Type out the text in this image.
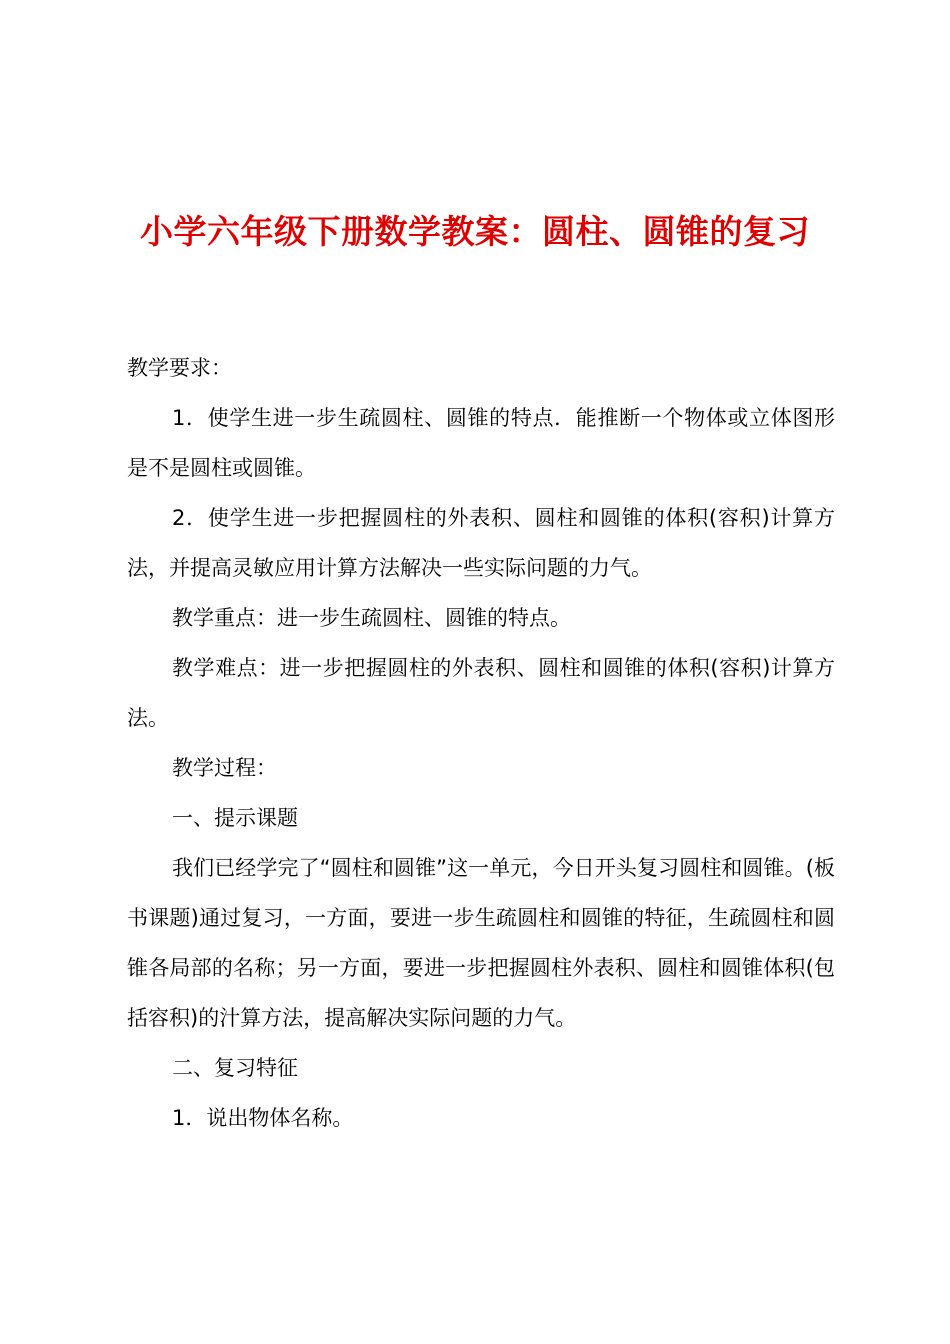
小学六年级下册数学教案：圆柱、圆锥的复习

教学要求：

1．使学生进一步生疏圆柱、圆锥的特点．能推断一个物体或立体图形是不是圆柱或圆锥。

2．使学生进一步把握圆柱的外表积、圆柱和圆锥的体积(容积)计算方法，并提高灵敏应用计算方法解决一些实际问题的力气。

教学重点：进一步生疏圆柱、圆锥的特点。

教学难点：进一步把握圆柱的外表积、圆柱和圆锥的体积(容积)计算方法。

教学过程：

一、提示课题

我们已经学完了“圆柱和圆锥”这一单元，今日开头复习圆柱和圆锥。(板书课题)通过复习，一方面，要进一步生疏圆柱和圆锥的特征，生疏圆柱和圆锥各局部的名称；另一方面，要进一步把握圆柱外表积、圆柱和圆锥体积(包括容积)的汁算方法，提高解决实际问题的力气。

二、复习特征

1．说出物体名称。
